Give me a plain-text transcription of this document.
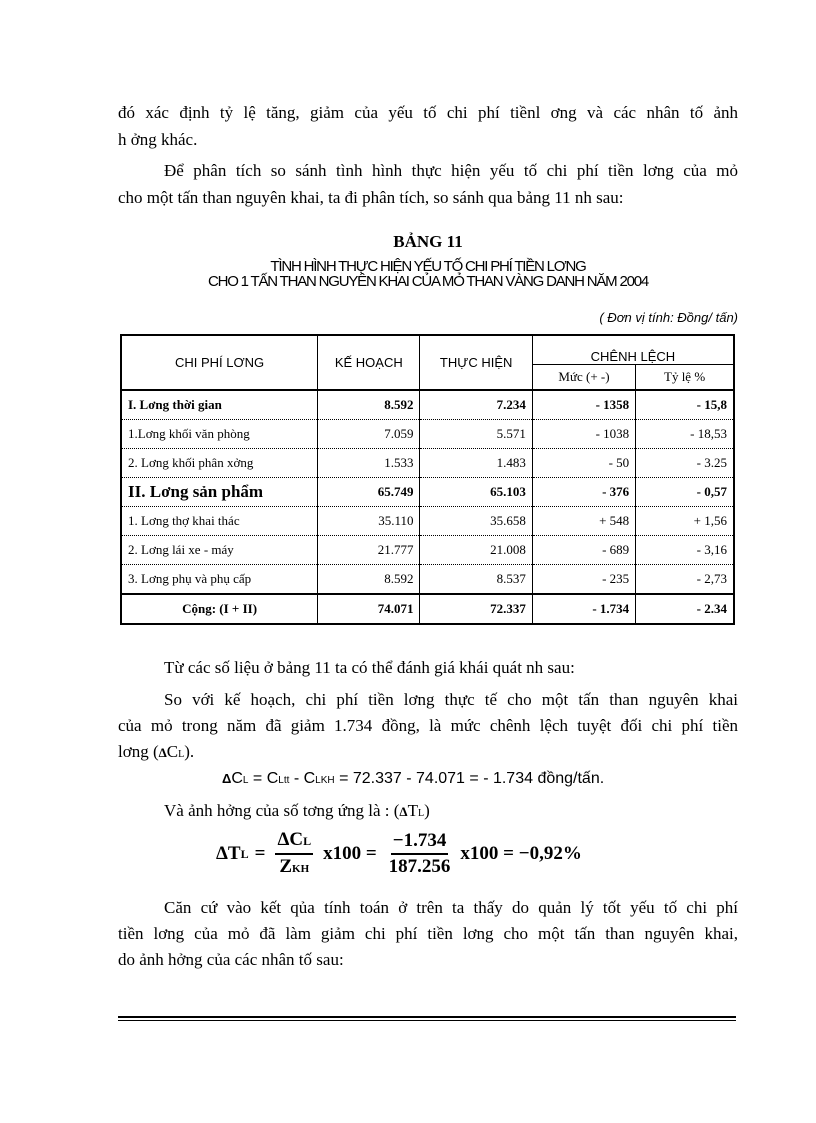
đó xác định tỷ lệ tăng, giảm của yếu tố chi phí tiềnl ơng và các nhân tố ảnh
h ởng khác.
Để phân tích so sánh tình hình thực hiện yếu tố chi phí tiền lơng của mỏ
cho một tấn than nguyên khai, ta đi phân tích, so sánh qua bảng 11 nh sau:
BẢNG 11
TÌNH HÌNH THỰC HIỆN YẾU TỐ CHI PHÍ TIỀN LƠNG
CHO 1 TẤN THAN NGUYÊN KHAI CỦA MỎ THAN VÀNG DANH NĂM 2004
( Đơn vị tính: Đồng/ tấn)
CHI PHÍ LƠNG	KẾ HOẠCH	THỰC HIỆN	CHÊNH LỆCH	
			Mức (+ -)	Tỷ lệ %
I. Lơng thời gian	8.592	7.234	- 1358	- 15,8
1.Lơng khối văn phòng	7.059	5.571	- 1038	- 18,53
2. Lơng khối phân xởng	1.533	1.483	- 50	- 3.25
II. Lơng sản phẩm	65.749	65.103	- 376	- 0,57
1. Lơng thợ khai thác	35.110	35.658	+ 548	+ 1,56
2. Lơng lái xe - máy	21.777	21.008	- 689	- 3,16
3. Lơng phụ và phụ cấp	8.592	8.537	- 235	- 2,73
Cộng: (I + II)	74.071	72.337	- 1.734	- 2.34
Từ các số liệu ở bảng 11 ta có thể đánh giá khái quát nh sau:
So với kế hoạch, chi phí tiền lơng thực tế cho một tấn than nguyên khai
của mỏ trong năm đã giảm 1.734 đồng, là mức chênh lệch tuyệt đối chi phí tiền
lơng (ΔCL).
ΔCL = CLtt - CLKH = 72.337 - 74.071 = - 1.734 đồng/tấn.
Và ảnh hởng của số tơng ứng là : (ΔTL)
ΔT $L = \frac{\text{ΔCL}}{\text{ZKH}} x100 = \frac{-1.734}{187.256} x100 = -0,92\%$
Căn cứ vào kết qủa tính toán ở trên ta thấy do quản lý tốt yếu tố chi phí
tiền lơng của mỏ đã làm giảm chi phí tiền lơng cho một tấn than nguyên khai,
do ảnh hởng của các nhân tố sau:
